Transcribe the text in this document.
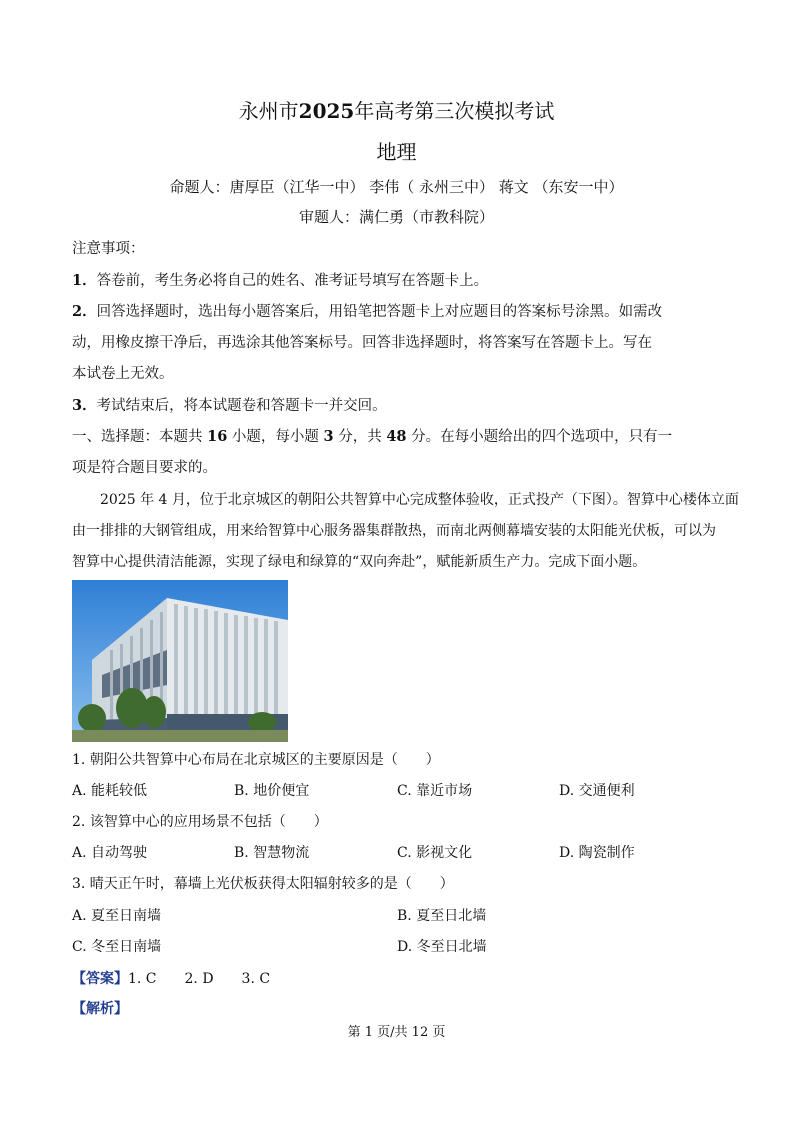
永州市2025年高考第三次模拟考试
地理
命题人：唐厚臣（江华一中） 李伟（ 永州三中） 蒋文 （东安一中）
审题人：满仁勇（市教科院）
注意事项：
1．答卷前，考生务必将自己的姓名、准考证号填写在答题卡上。
2．回答选择题时，选出每小题答案后，用铅笔把答题卡上对应题目的答案标号涂黑。如需改
动，用橡皮擦干净后，再选涂其他答案标号。回答非选择题时，将答案写在答题卡上。写在
本试卷上无效。
3．考试结束后，将本试题卷和答题卡一并交回。
一、选择题：本题共 16 小题，每小题 3 分，共 48 分。在每小题给出的四个选项中，只有一
项是符合题目要求的。
2025 年 4 月，位于北京城区的朝阳公共智算中心完成整体验收，正式投产（下图）。智算中心楼体立面
由一排排的大钢管组成，用来给智算中心服务器集群散热，而南北两侧幕墙安装的太阳能光伏板，可以为
智算中心提供清洁能源，实现了绿电和绿算的“双向奔赴”，赋能新质生产力。完成下面小题。
1. 朝阳公共智算中心布局在北京城区的主要原因是（　　）
A. 能耗较低	B. 地价便宜	C. 靠近市场	D. 交通便利
2. 该智算中心的应用场景不包括（　　）
A. 自动驾驶	B. 智慧物流	C. 影视文化	D. 陶瓷制作
3. 晴天正午时，幕墙上光伏板获得太阳辐射较多的是（　　）
A. 夏至日南墙	B. 夏至日北墙
C. 冬至日南墙	D. 冬至日北墙
【答案】1. C　　2. D　　3. C
【解析】
第 1 页/共 12 页
